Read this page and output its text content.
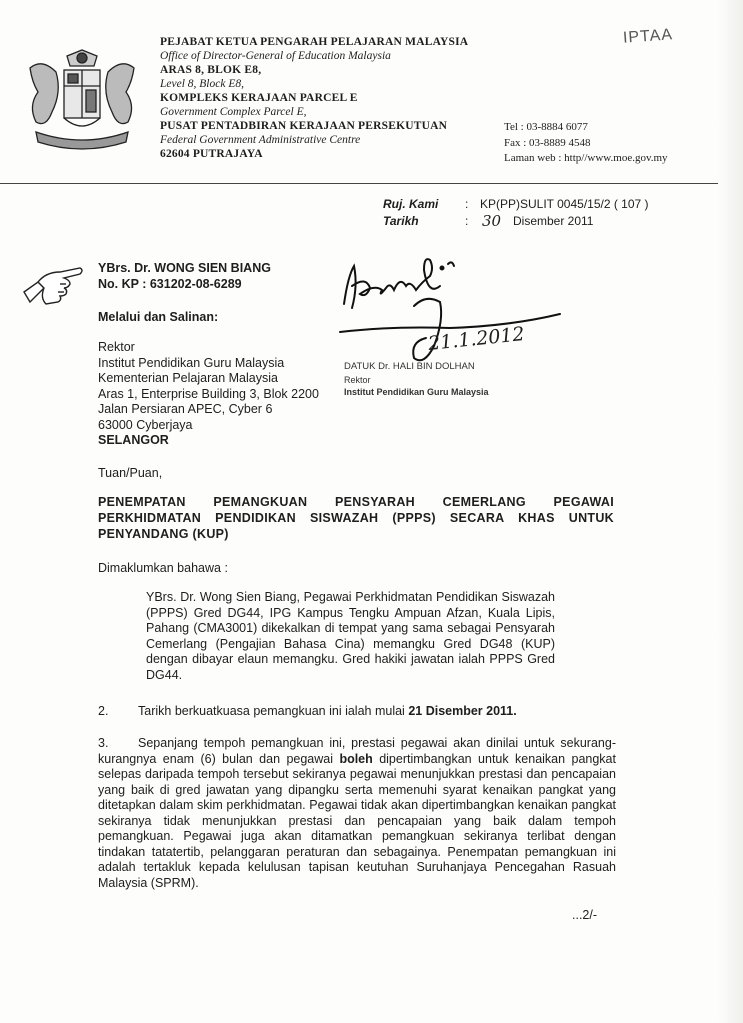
IPTAA
PEJABAT KETUA PENGARAH PELAJARAN MALAYSIA
Office of Director-General of Education Malaysia
ARAS 8, BLOK E8,
Level 8, Block E8,
KOMPLEKS KERAJAAN PARCEL E
Government Complex Parcel E,
PUSAT PENTADBIRAN KERAJAAN PERSEKUTUAN
Federal Government Administrative Centre
62604 PUTRAJAYA
Tel : 03-8884 6077
Fax : 03-8889 4548
Laman web : http//www.moe.gov.my
Ruj. Kami : KP(PP)SULIT 0045/15/2 ( 107 )
Tarikh	: 30 Disember 2011
YBrs. Dr. WONG SIEN BIANG
No. KP : 631202-08-6289
Melalui dan Salinan:
Rektor
Institut Pendidikan Guru Malaysia
Kementerian Pelajaran Malaysia
Aras 1, Enterprise Building 3, Blok 2200
Jalan Persiaran APEC, Cyber 6
63000 Cyberjaya
SELANGOR
DATUK Dr. HALI BIN DOLHAN
Rektor
Institut Pendidikan Guru Malaysia
21.1.2012
Tuan/Puan,
PENEMPATAN PEMANGKUAN PENSYARAH CEMERLANG PEGAWAI PERKHIDMATAN PENDIDIKAN SISWAZAH (PPPS) SECARA KHAS UNTUK PENYANDANG (KUP)
Dimaklumkan bahawa :
YBrs. Dr. Wong Sien Biang, Pegawai Perkhidmatan Pendidikan Siswazah (PPPS) Gred DG44, IPG Kampus Tengku Ampuan Afzan, Kuala Lipis, Pahang (CMA3001) dikekalkan di tempat yang sama sebagai Pensyarah Cemerlang (Pengajian Bahasa Cina) memangku Gred DG48 (KUP) dengan dibayar elaun memangku. Gred hakiki jawatan ialah PPPS Gred DG44.
2. Tarikh berkuatkuasa pemangkuan ini ialah mulai 21 Disember 2011.
3. Sepanjang tempoh pemangkuan ini, prestasi pegawai akan dinilai untuk sekurang-kurangnya enam (6) bulan dan pegawai boleh dipertimbangkan untuk kenaikan pangkat selepas daripada tempoh tersebut sekiranya pegawai menunjukkan prestasi dan pencapaian yang baik di gred jawatan yang dipangku serta memenuhi syarat kenaikan pangkat yang ditetapkan dalam skim perkhidmatan. Pegawai tidak akan dipertimbangkan kenaikan pangkat sekiranya tidak menunjukkan prestasi dan pencapaian yang baik dalam tempoh pemangkuan. Pegawai juga akan ditamatkan pemangkuan sekiranya terlibat dengan tindakan tatatertib, pelanggaran peraturan dan sebagainya. Penempatan pemangkuan ini adalah tertakluk kepada kelulusan tapisan keutuhan Suruhanjaya Pencegahan Rasuah Malaysia (SPRM).
...2/-
